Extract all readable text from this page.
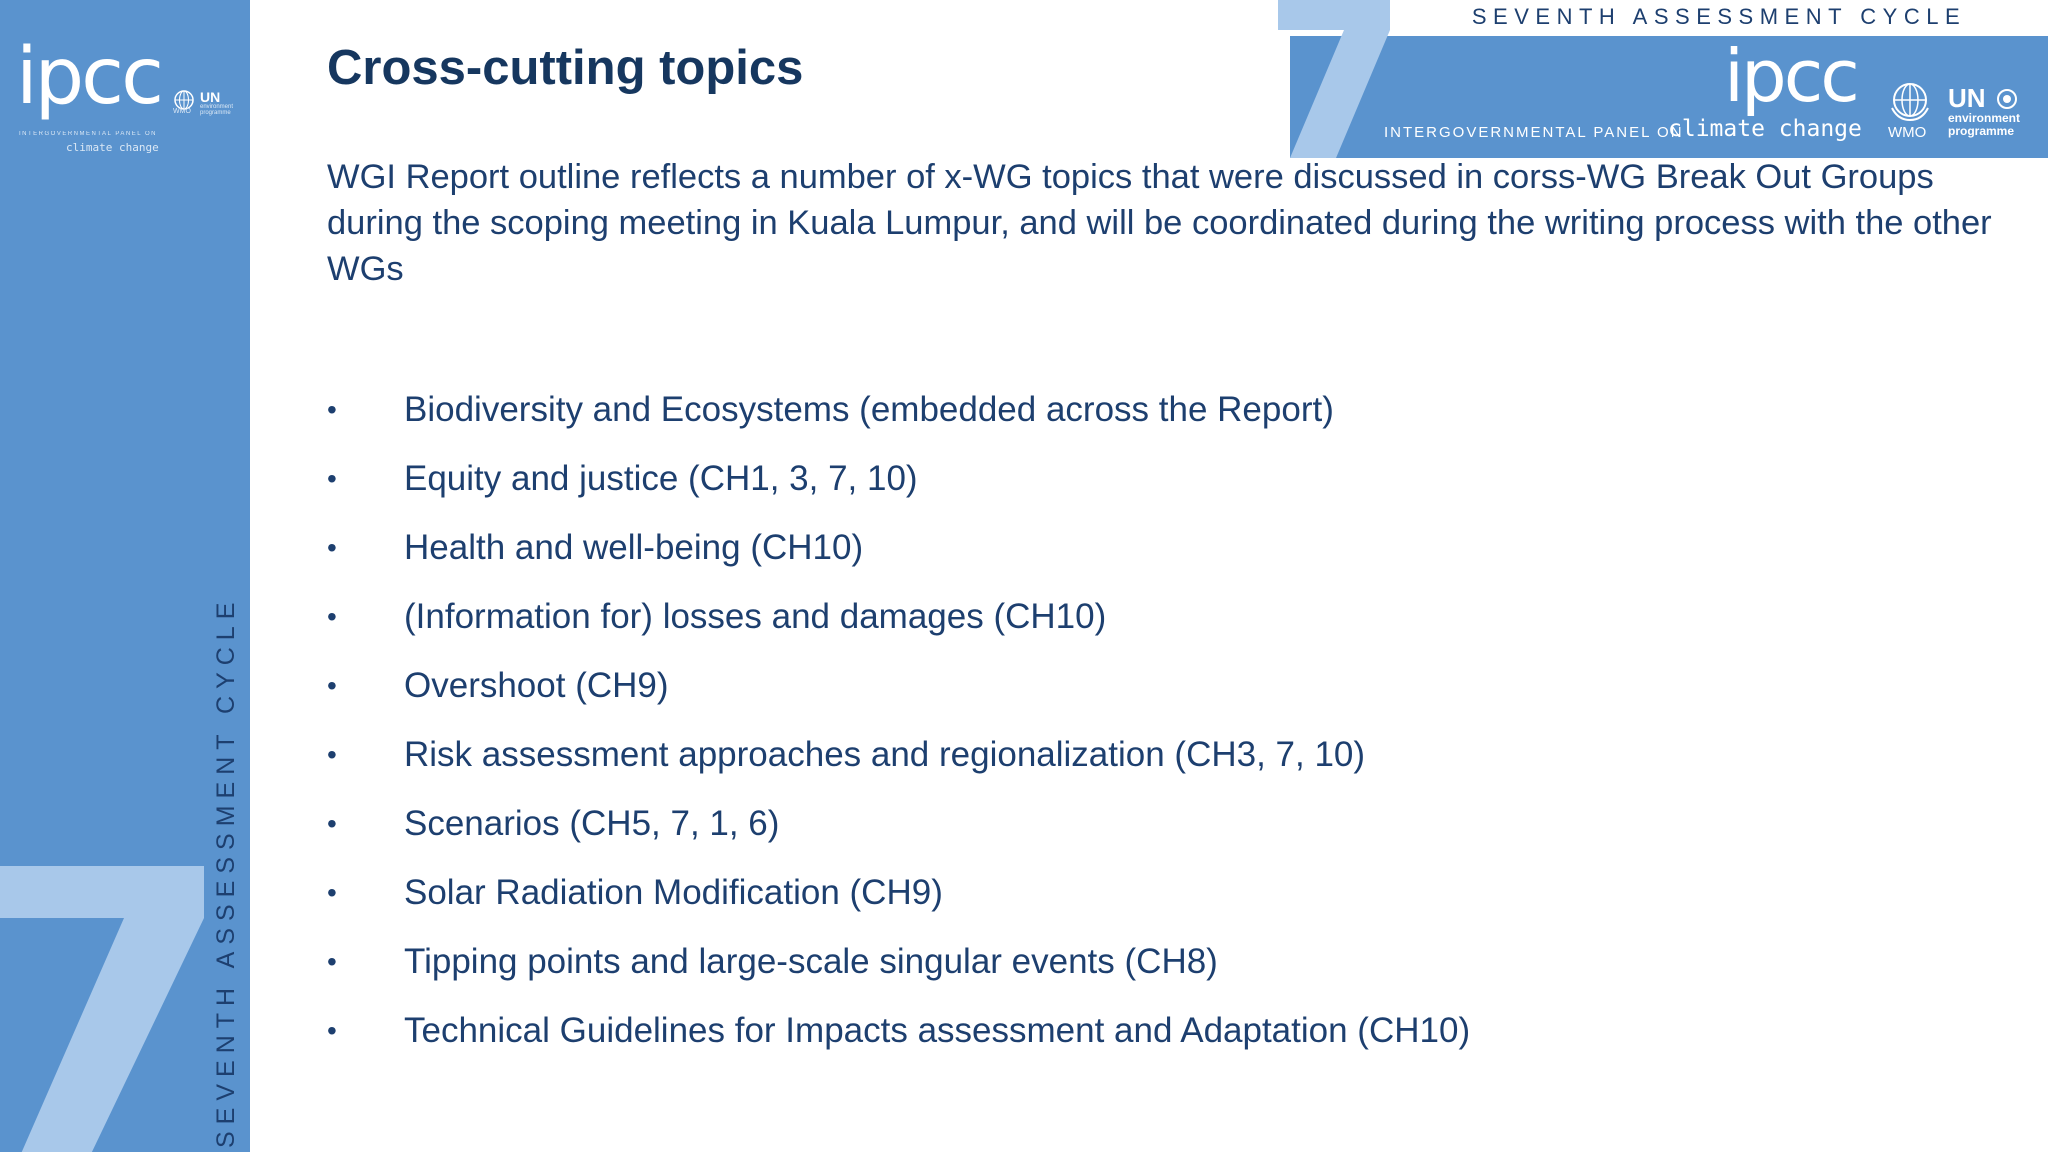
ipcc
INTERGOVERNMENTAL PANEL ON
climate change
WMO
UN
environment programme
SEVENTH ASSESSMENT CYCLE
SEVENTH ASSESSMENT CYCLE
ipcc
INTERGOVERNMENTAL PANEL ON
climate change WMO
UN
environment programme
Cross-cutting topics

WGI Report outline reflects a number of x-WG topics that were discussed in corss-WG Break Out Groups during the scoping meeting in Kuala Lumpur, and will be coordinated during the writing process with the other WGs

• Biodiversity and Ecosystems (embedded across the Report)
• Equity and justice (CH1, 3, 7, 10)
• Health and well-being (CH10)
• (Information for) losses and damages (CH10)
• Overshoot (CH9)
• Risk assessment approaches and regionalization (CH3, 7, 10)
• Scenarios (CH5, 7, 1, 6)
• Solar Radiation Modification (CH9)
• Tipping points and large-scale singular events (CH8)
• Technical Guidelines for Impacts assessment and Adaptation (CH10)
